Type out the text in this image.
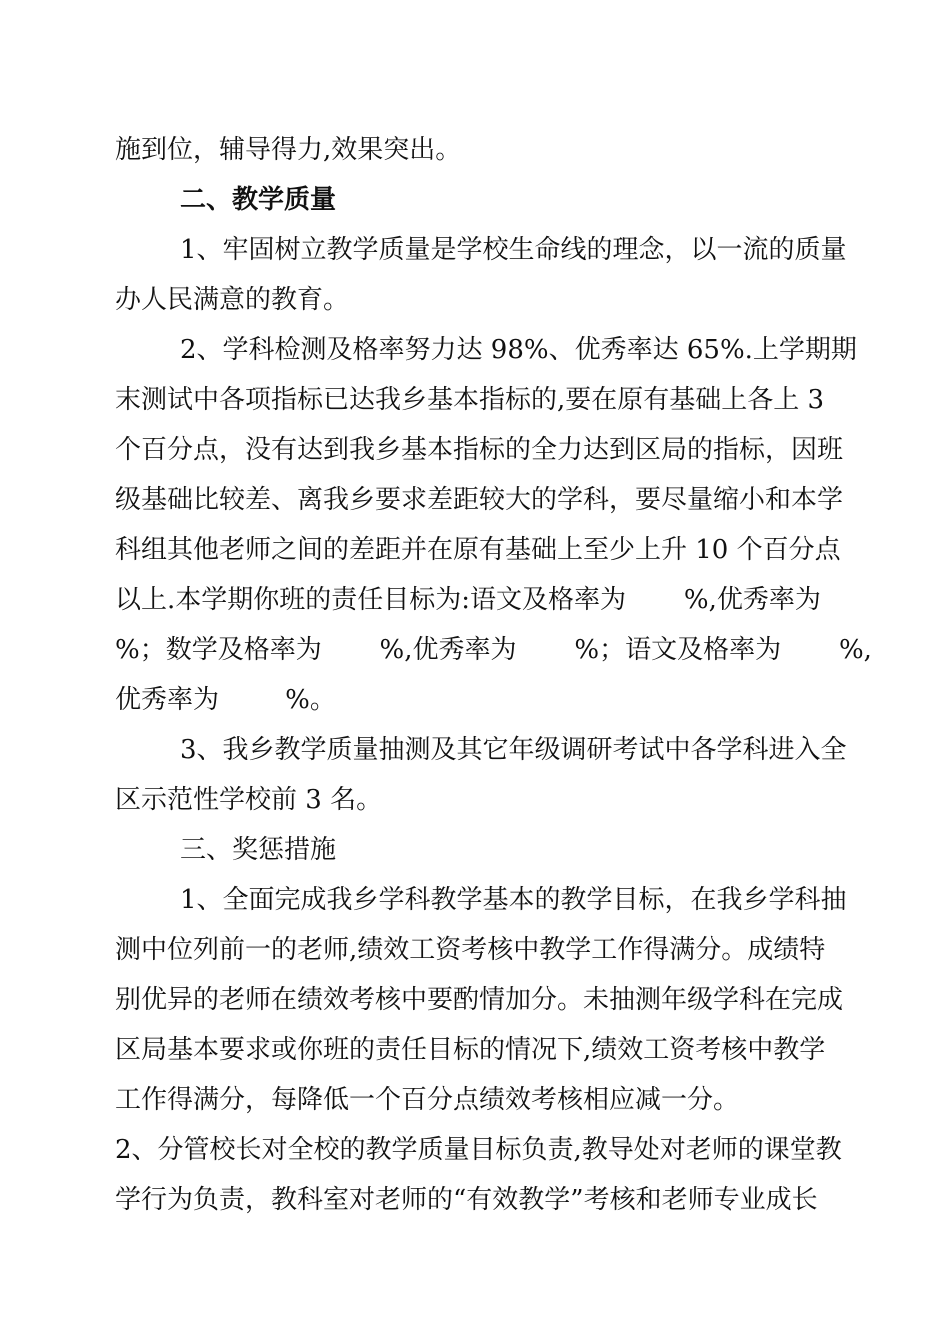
施到位，辅导得力,效果突出。
二、教学质量
1、牢固树立教学质量是学校生命线的理念，以一流的质量
办人民满意的教育。
2、学科检测及格率努力达 98%、优秀率达 65%.上学期期
末测试中各项指标已达我乡基本指标的,要在原有基础上各上 3
个百分点，没有达到我乡基本指标的全力达到区局的指标，因班
级基础比较差、离我乡要求差距较大的学科，要尽量缩小和本学
科组其他老师之间的差距并在原有基础上至少上升 10 个百分点
以上.本学期你班的责任目标为:语文及格率为       %,优秀率为
%；数学及格率为       %,优秀率为       %；语文及格率为       %,
优秀率为        %。
3、我乡教学质量抽测及其它年级调研考试中各学科进入全
区示范性学校前 3 名。
三、奖惩措施
1、全面完成我乡学科教学基本的教学目标，在我乡学科抽
测中位列前一的老师,绩效工资考核中教学工作得满分。成绩特
别优异的老师在绩效考核中要酌情加分。未抽测年级学科在完成
区局基本要求或你班的责任目标的情况下,绩效工资考核中教学
工作得满分，每降低一个百分点绩效考核相应减一分。
2、分管校长对全校的教学质量目标负责,教导处对老师的课堂教
学行为负责，教科室对老师的“有效教学”考核和老师专业成长
